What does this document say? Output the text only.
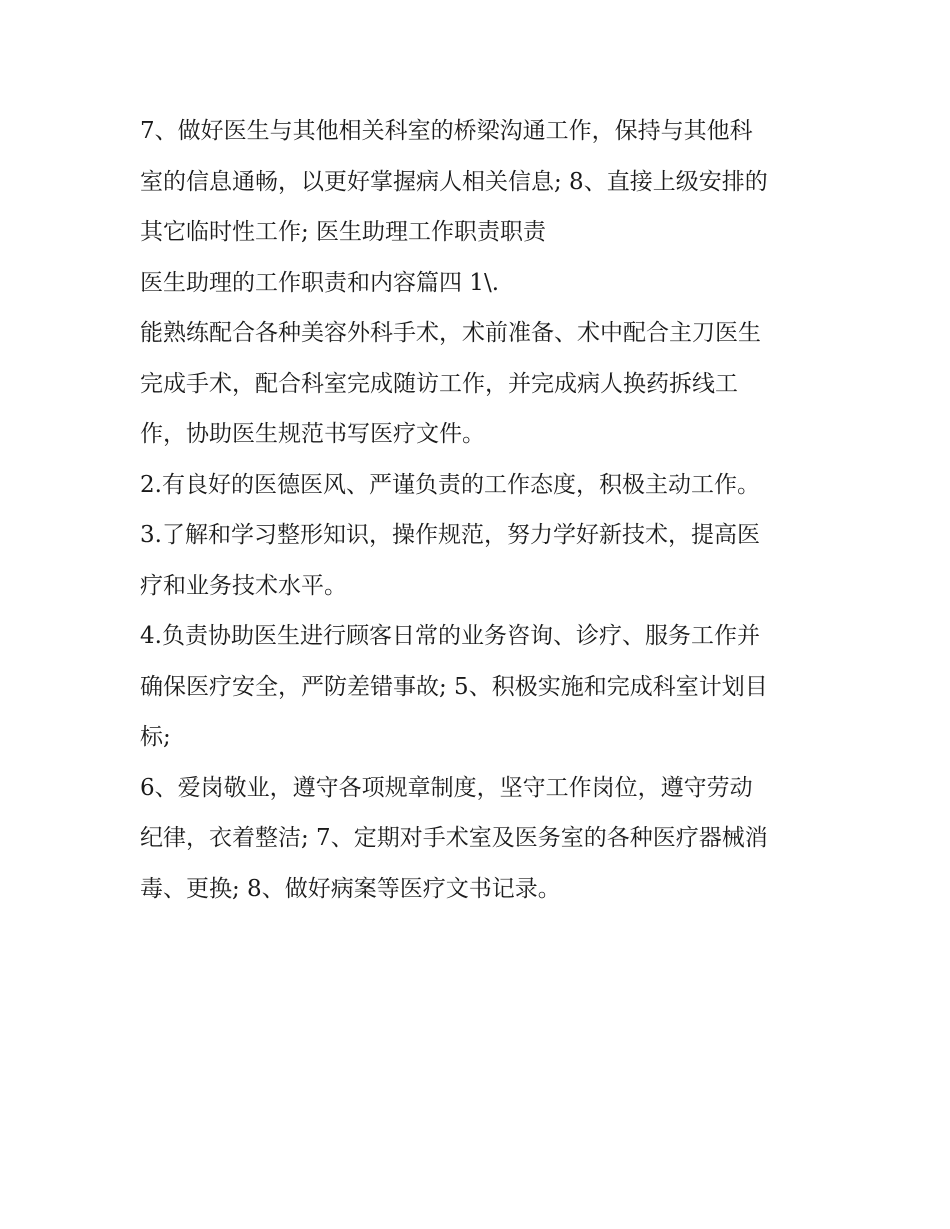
7、做好医生与其他相关科室的桥梁沟通工作，保持与其他科
室的信息通畅，以更好掌握病人相关信息; 8、直接上级安排的
其它临时性工作; 医生助理工作职责职责

医生助理的工作职责和内容篇四 1\.

能熟练配合各种美容外科手术，术前准备、术中配合主刀医生
完成手术，配合科室完成随访工作，并完成病人换药拆线工
作，协助医生规范书写医疗文件。

2.有良好的医德医风、严谨负责的工作态度，积极主动工作。

3.了解和学习整形知识，操作规范，努力学好新技术，提高医
疗和业务技术水平。

4.负责协助医生进行顾客日常的业务咨询、诊疗、服务工作并
确保医疗安全，严防差错事故; 5、积极实施和完成科室计划目
标;

6、爱岗敬业，遵守各项规章制度，坚守工作岗位，遵守劳动
纪律，衣着整洁; 7、定期对手术室及医务室的各种医疗器械消
毒、更换; 8、做好病案等医疗文书记录。
